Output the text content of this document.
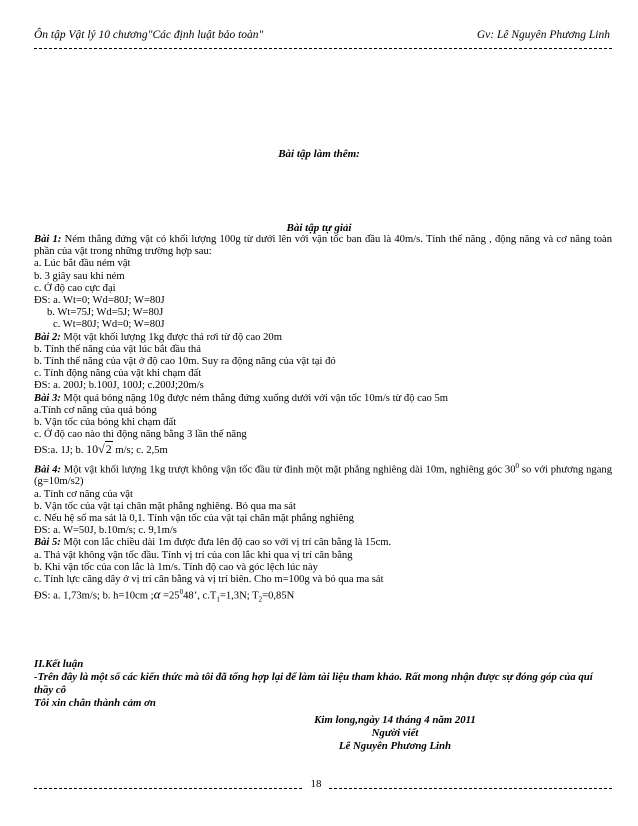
Ôn tập Vật lý 10 chương"Các định luật bảo toàn"	Gv: Lê Nguyên Phương Linh
Bài tập làm thêm:
Bài tập tự giải

Bài 1: Ném thẳng đứng vật có khối lượng 100g từ dưới lên với vận tốc ban đầu là 40m/s. Tính thế năng , động năng và cơ năng toàn phần của vật trong những trường hợp sau:

a. Lúc bắt đầu ném vật

b. 3 giây sau khi ném

c. Ở độ cao cực đại

ĐS: a. Wt=0; Wd=80J; W=80J

b. Wt=75J; Wd=5J; W=80J

c. Wt=80J; Wd=0; W=80J

Bài 2: Một vật khối lượng 1kg được thả rơi từ độ cao 20m

b. Tính thế năng của vật lúc bắt đầu thả

b. Tính thế năng của vật ở độ cao 10m. Suy ra động năng của vật tại đó

c. Tính động năng của vật khi chạm đất

ĐS: a. 200J; b.100J, 100J; c.200J;20m/s

Bài 3: Một quả bóng nặng 10g được ném thẳng đứng xuống dưới với vận tốc 10m/s từ độ cao 5m

a.Tính cơ năng của quả bóng

b. Vận tốc của bóng khi chạm đất

c. Ở độ cao nào thì động năng bằng 3 lần thế năng

ĐS:a. 1J; b. 10√2 m/s; c. 2,5m

Bài 4: Một vật khối lượng 1kg trượt không vận tốc đầu từ đỉnh một mặt phẳng nghiêng dài 10m, nghiêng góc $30^0$ so với phương ngang (g=10m/s2)

a. Tính cơ năng của vật

b. Vận tốc của vật tại chân mặt phẳng nghiêng. Bỏ qua ma sát

c. Nếu hệ số ma sát là 0,1. Tính vận tốc của vật tại chân mặt phẳng nghiêng

ĐS: a. W=50J, b.10m/s; c. 9,1m/s

Bài 5: Một con lắc chiều dài 1m được đưa lên độ cao so với vị trí cân bằng là 15cm.

a. Thả vật không vận tốc đầu. Tính vị trí của con lắc khi qua vị trí cân bằng

b. Khi vận tốc của con lắc là 1m/s. Tính độ cao và góc lệch lúc này

c. Tính lực căng dây ở vị trí cân bằng và vị trí biên. Cho m=100g và bỏ qua ma sát

ĐS: a. 1,73m/s; b. h=10cm ;α $=25^048$’, $c.T_1=1,3N$; $T_2=0,85N$

II.Kết luận

-Trên đây là một số các kiến thức mà tôi đã tổng hợp lại để làm tài liệu tham khảo. Rất mong nhận được sự đóng góp của quí thầy cô

Tôi xin chân thành cảm ơn

Kim long,ngày 14 tháng 4 năm 2011

Người viết

Lê Nguyên Phương Linh

18
